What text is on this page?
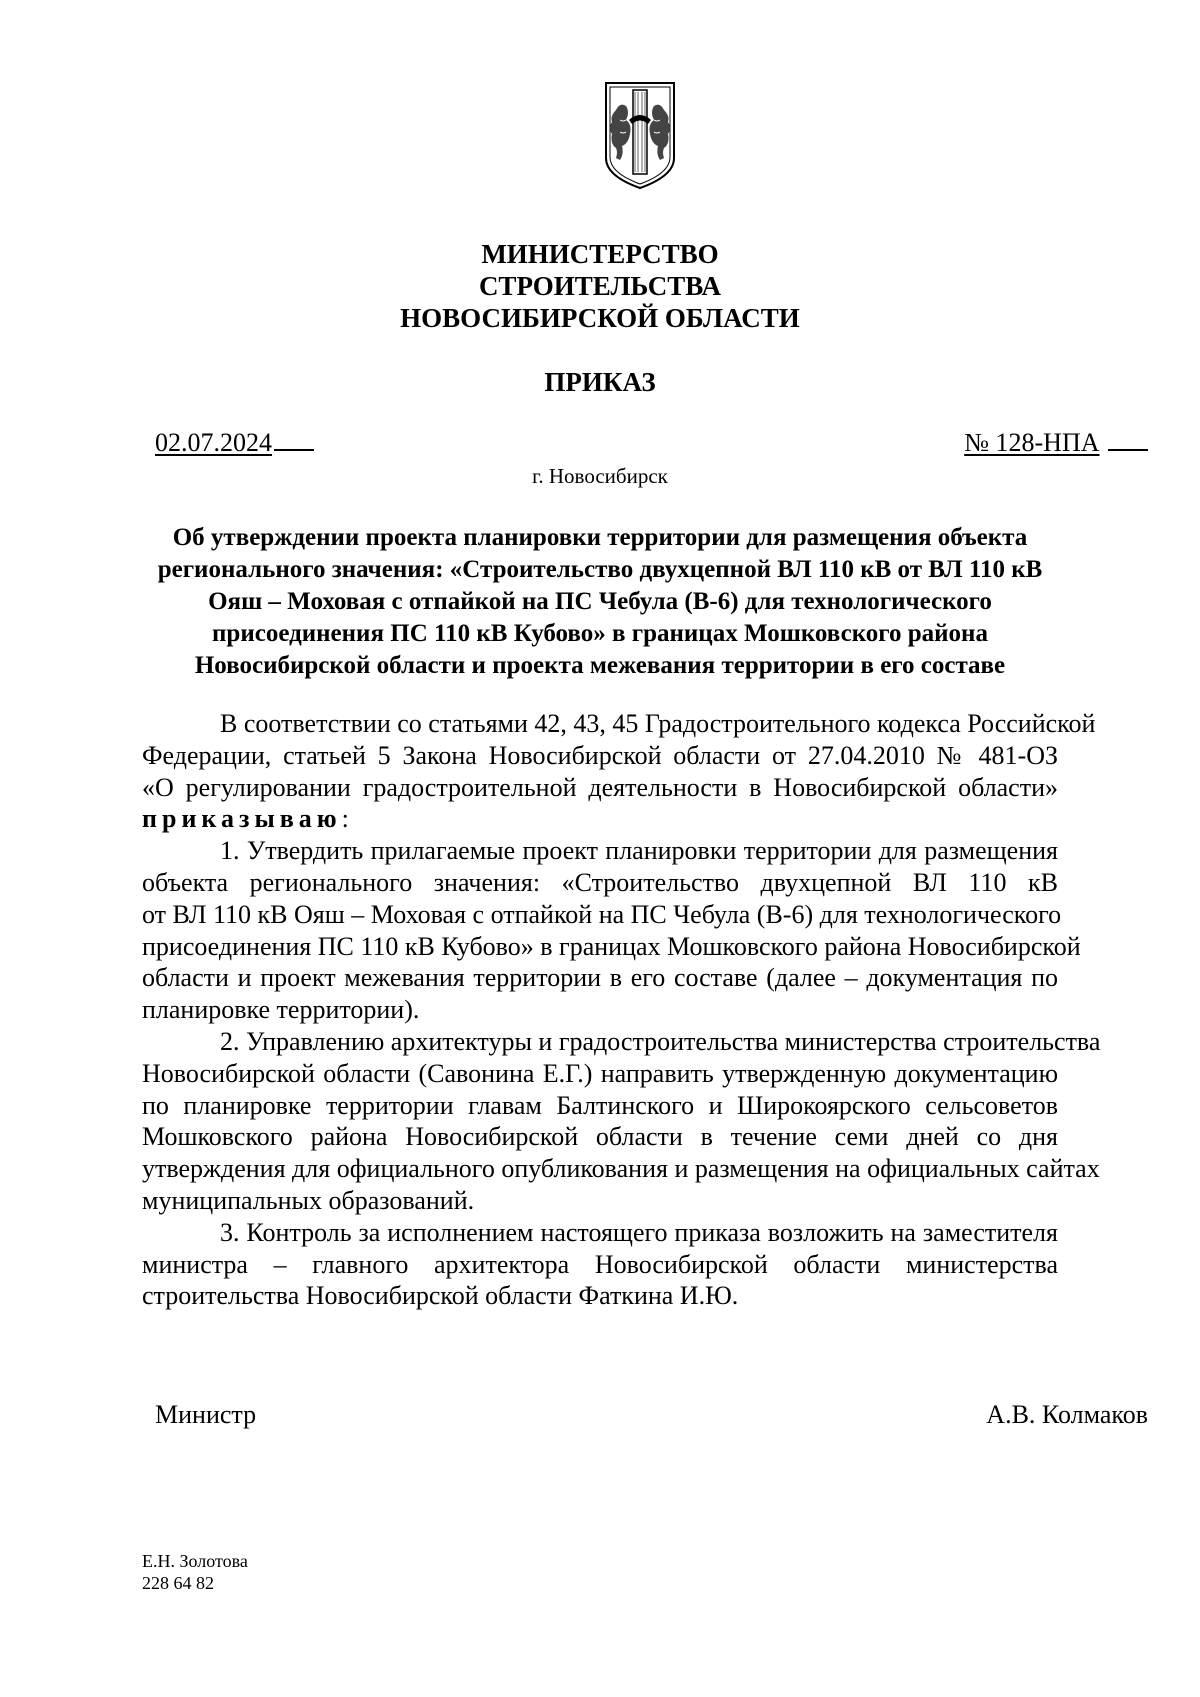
МИНИСТЕРСТВО
СТРОИТЕЛЬСТВА
НОВОСИБИРСКОЙ ОБЛАСТИ
ПРИКАЗ
02.07.2024	№ 128-НПА
г. Новосибирск
Об утверждении проекта планировки территории для размещения объекта
регионального значения: «Строительство двухцепной ВЛ 110 кВ от ВЛ 110 кВ
Ояш – Моховая с отпайкой на ПС Чебула (В-6) для технологического
присоединения ПС 110 кВ Кубово» в границах Мошковского района
Новосибирской области и проекта межевания территории в его составе
В соответствии со статьями 42, 43, 45 Градостроительного кодекса Российской
Федерации, статьей 5 Закона Новосибирской области от 27.04.2010 № 481-ОЗ
«О регулировании градостроительной деятельности в Новосибирской области»
приказываю:
1. Утвердить прилагаемые проект планировки территории для размещения
объекта регионального значения: «Строительство двухцепной ВЛ 110 кВ
от ВЛ 110 кВ Ояш – Моховая с отпайкой на ПС Чебула (В-6) для технологического
присоединения ПС 110 кВ Кубово» в границах Мошковского района Новосибирской
области и проект межевания территории в его составе (далее – документация по
планировке территории).
2. Управлению архитектуры и градостроительства министерства строительства
Новосибирской области (Савонина Е.Г.) направить утвержденную документацию
по планировке территории главам Балтинского и Широкоярского сельсоветов
Мошковского района Новосибирской области в течение семи дней со дня
утверждения для официального опубликования и размещения на официальных сайтах
муниципальных образований.
3. Контроль за исполнением настоящего приказа возложить на заместителя
министра – главного архитектора Новосибирской области министерства
строительства Новосибирской области Фаткина И.Ю.
Министр	А.В. Колмаков
Е.Н. Золотова
228 64 82
